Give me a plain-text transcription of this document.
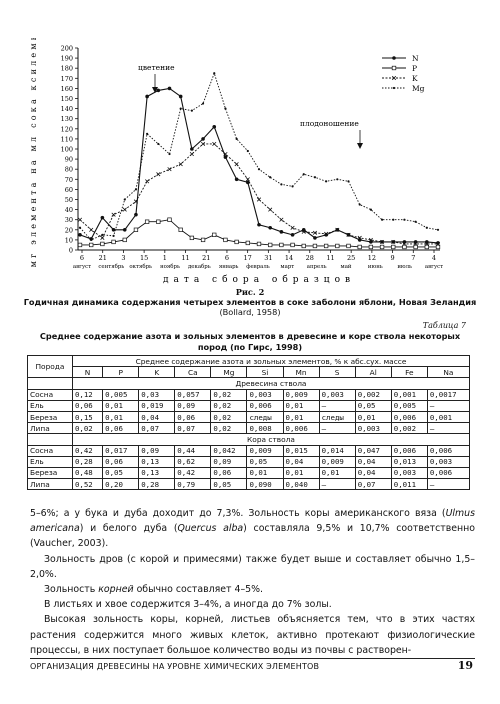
0
10
20
30
40
50
60
70
80
90
100
110
120
130
140
150
160
170
180
190
200
мг элемента на мл сока ксилемы	6 21 3 15 1 11 21 6 17 31 14 28 11 25 12 9	7	4
август сентябрь октябрь ноябрь декабрь январь февраль март апрель	май	июнь	июль август
дата сбора образцов
N
P
K
Mg
цветение
плодоношение
Рис. 2
Годичная динамика содержания четырех элементов в соке заболони яблони, Новая Зеландия
(Bollard, 1958)
Таблица 7
Среднее содержание азота и зольных элементов в древесине и коре ствола некоторых пород (по Гирс, 1998)
Порода	Среднее содержание азота и зольных элементов, % к абс.сух. массе										
	N	P	K	Ca	Mg	Si	Mn	S	Al	Fe	Na
	Древесина ствола										
Сосна	0,12	0,005	0,03	0,057	0,02	0,003	0,009	0,003	0,002	0,001	0,0017
Ель	0,06	0,01	0,019	0,09	0,02	0,006	0,01	—	0,05	0,005	—
Береза	0,15	0,01	0,04	0,06	0,02	следы	0,01	следы	0,01	0,006	0,001
Липа	0,02	0,06	0,07	0,07	0,02	0,008	0,006	—	0,003	0,002	—
	Кора ствола										
Сосна	0,42	0,017	0,09	0,44	0,042	0,009	0,015	0,014	0,047	0,006	0,006
Ель	0,28	0,06	0,13	0,62	0,09	0,05	0,04	0,009	0,04	0,013	0,003
Береза	0,48	0,05	0,13	0,42	0,06	0,01	0,01	0,01	0,04	0,003	0,006
Липа	0,52	0,20	0,28	0,79	0,05	0,090	0,040	—	0,07	0,011	—

5–6%; а у бука и дуба доходит до 7,3%. Зольность коры американского вяза (Ulmus americana) и белого дуба (Quercus alba) составляла 9,5% и 10,7% соответственно (Vaucher, 2003).

Зольность дров (с корой и примесями) также будет выше и составляет обычно 1,5–2,0%.

Зольность корней обычно составляет 4–5%.

В листьях и хвое содержится 3–4%, а иногда до 7% золы.

Высокая зольность коры, корней, листьев объясняется тем, что в этих частях растения содержится много живых клеток, активно протекают физиологические процессы, в них поступает большое количество воды из почвы с растворен-

ОРГАНИЗАЦИЯ ДРЕВЕСИНЫ НА УРОВНЕ ХИМИЧЕСКИХ ЭЛЕМЕНТОВ	19
